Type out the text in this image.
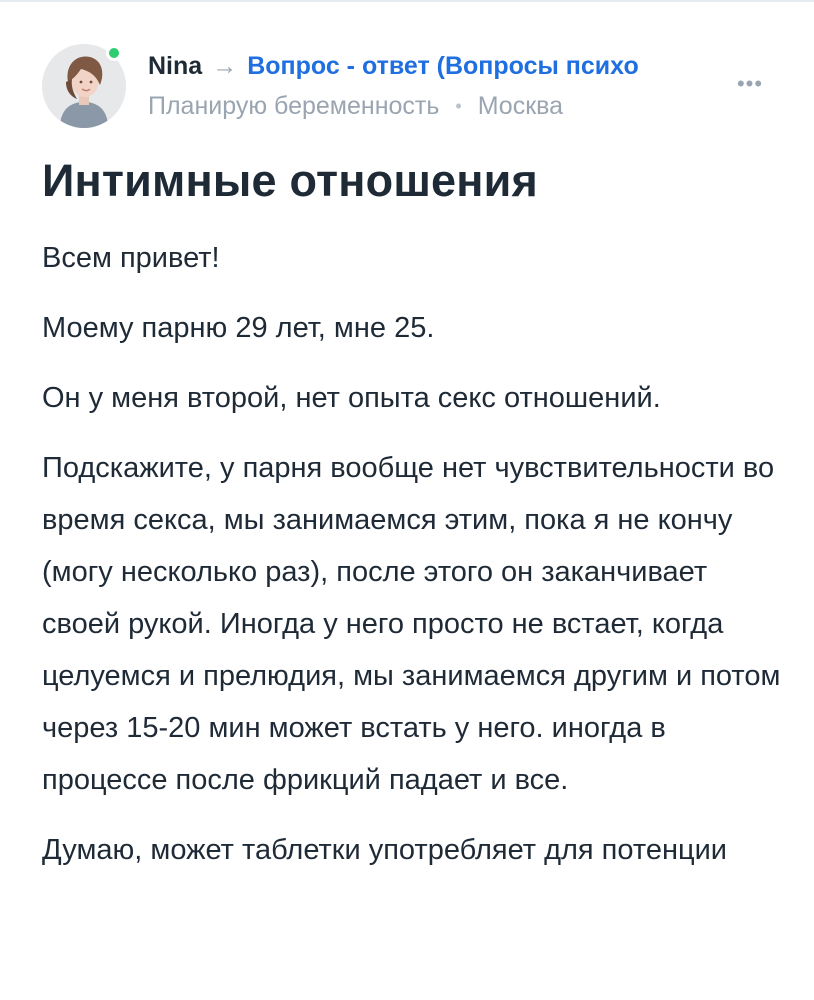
Nina → Вопрос - ответ (Вопросы психо
Планирую беременность • Москва
•••
Интимные отношения

Всем привет!

Моему парню 29 лет, мне 25.

Он у меня второй, нет опыта секс отношений.

Подскажите, у парня вообще нет чувствительности во время секса, мы занимаемся этим, пока я не кончу (могу несколько раз), после этого он заканчивает своей рукой. Иногда у него просто не встает, когда целуемся и прелюдия, мы занимаемся другим и потом через 15-20 мин может встать у него. иногда в процессе после фрикций падает и все.

Думаю, может таблетки употребляет для потенции
